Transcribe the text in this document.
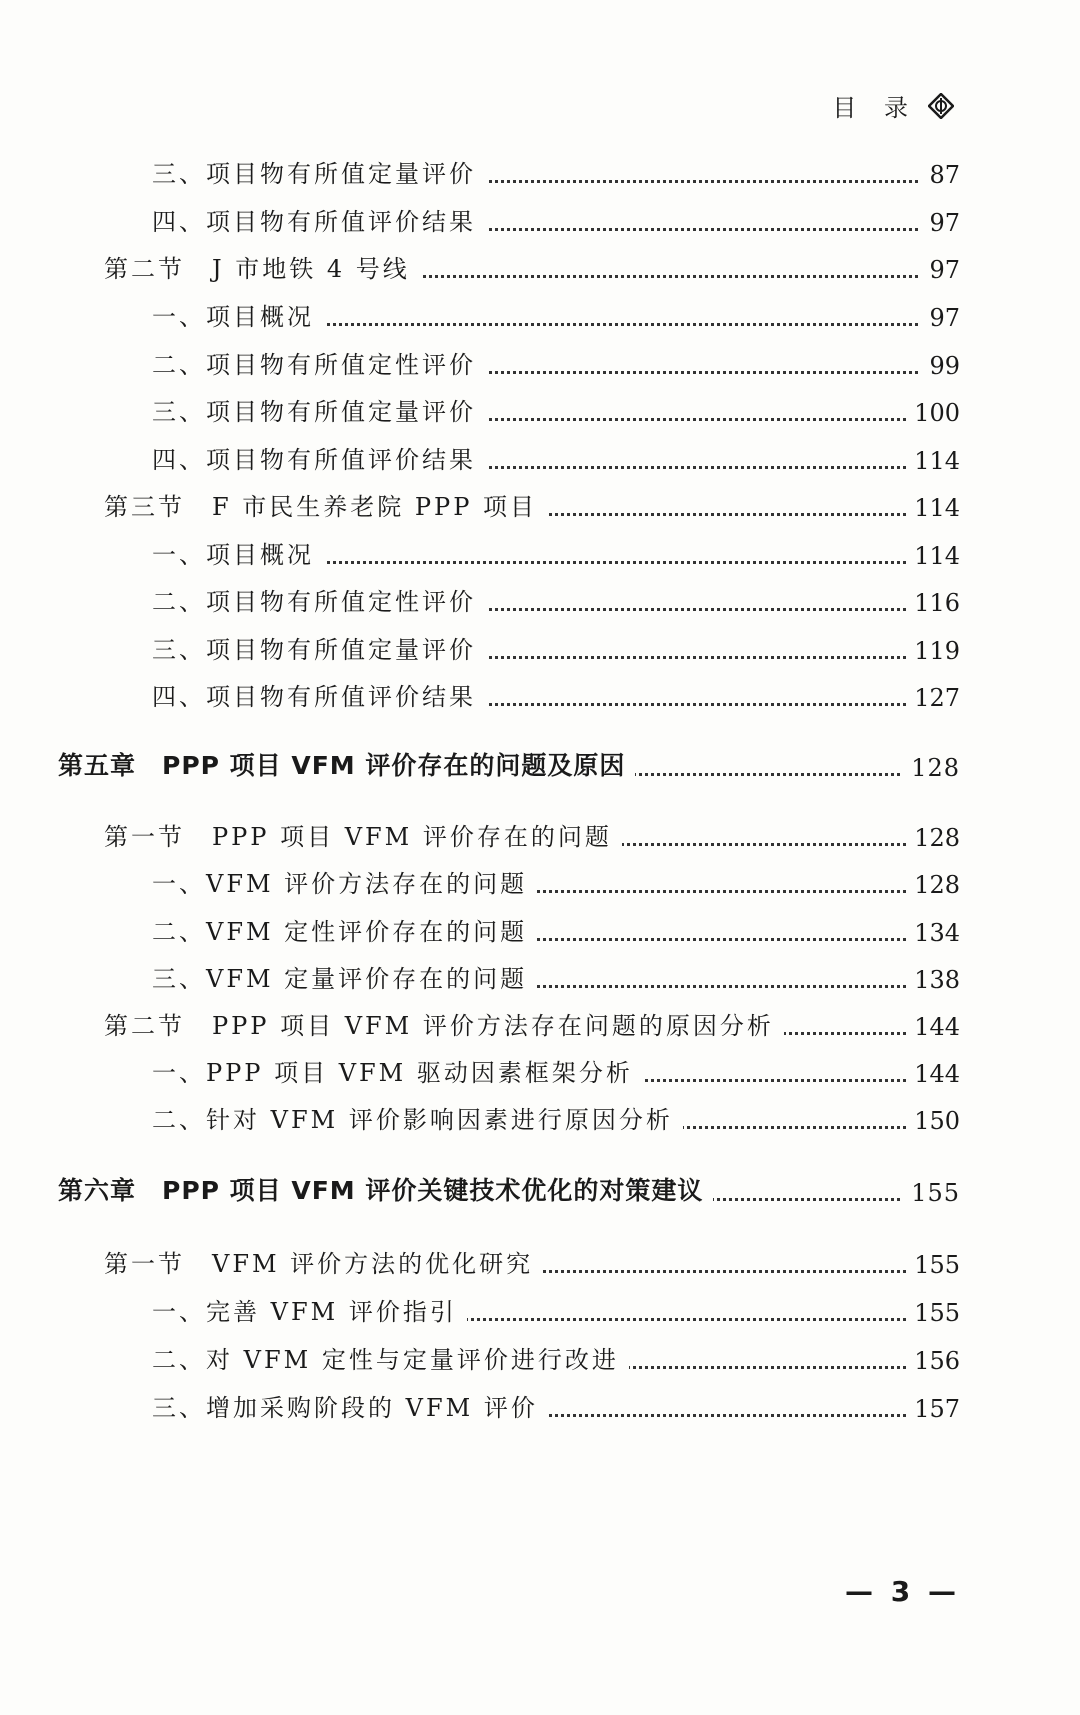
目 录
三、项目物有所值定量评价	87
四、项目物有所值评价结果	97
第二节　J 市地铁 4 号线	97
一、项目概况	97
二、项目物有所值定性评价	99
三、项目物有所值定量评价	100
四、项目物有所值评价结果	114
第三节　F 市民生养老院 PPP 项目	114
一、项目概况	114
二、项目物有所值定性评价	116
三、项目物有所值定量评价	119
四、项目物有所值评价结果	127
第五章　PPP 项目 VFM 评价存在的问题及原因	128
第一节　PPP 项目 VFM 评价存在的问题	128
一、VFM 评价方法存在的问题	128
二、VFM 定性评价存在的问题	134
三、VFM 定量评价存在的问题	138
第二节　PPP 项目 VFM 评价方法存在问题的原因分析	144
一、PPP 项目 VFM 驱动因素框架分析	144
二、针对 VFM 评价影响因素进行原因分析	150
第六章　PPP 项目 VFM 评价关键技术优化的对策建议	155
第一节　VFM 评价方法的优化研究	155
一、完善 VFM 评价指引	155
二、对 VFM 定性与定量评价进行改进	156
三、增加采购阶段的 VFM 评价	157
— 3 —
